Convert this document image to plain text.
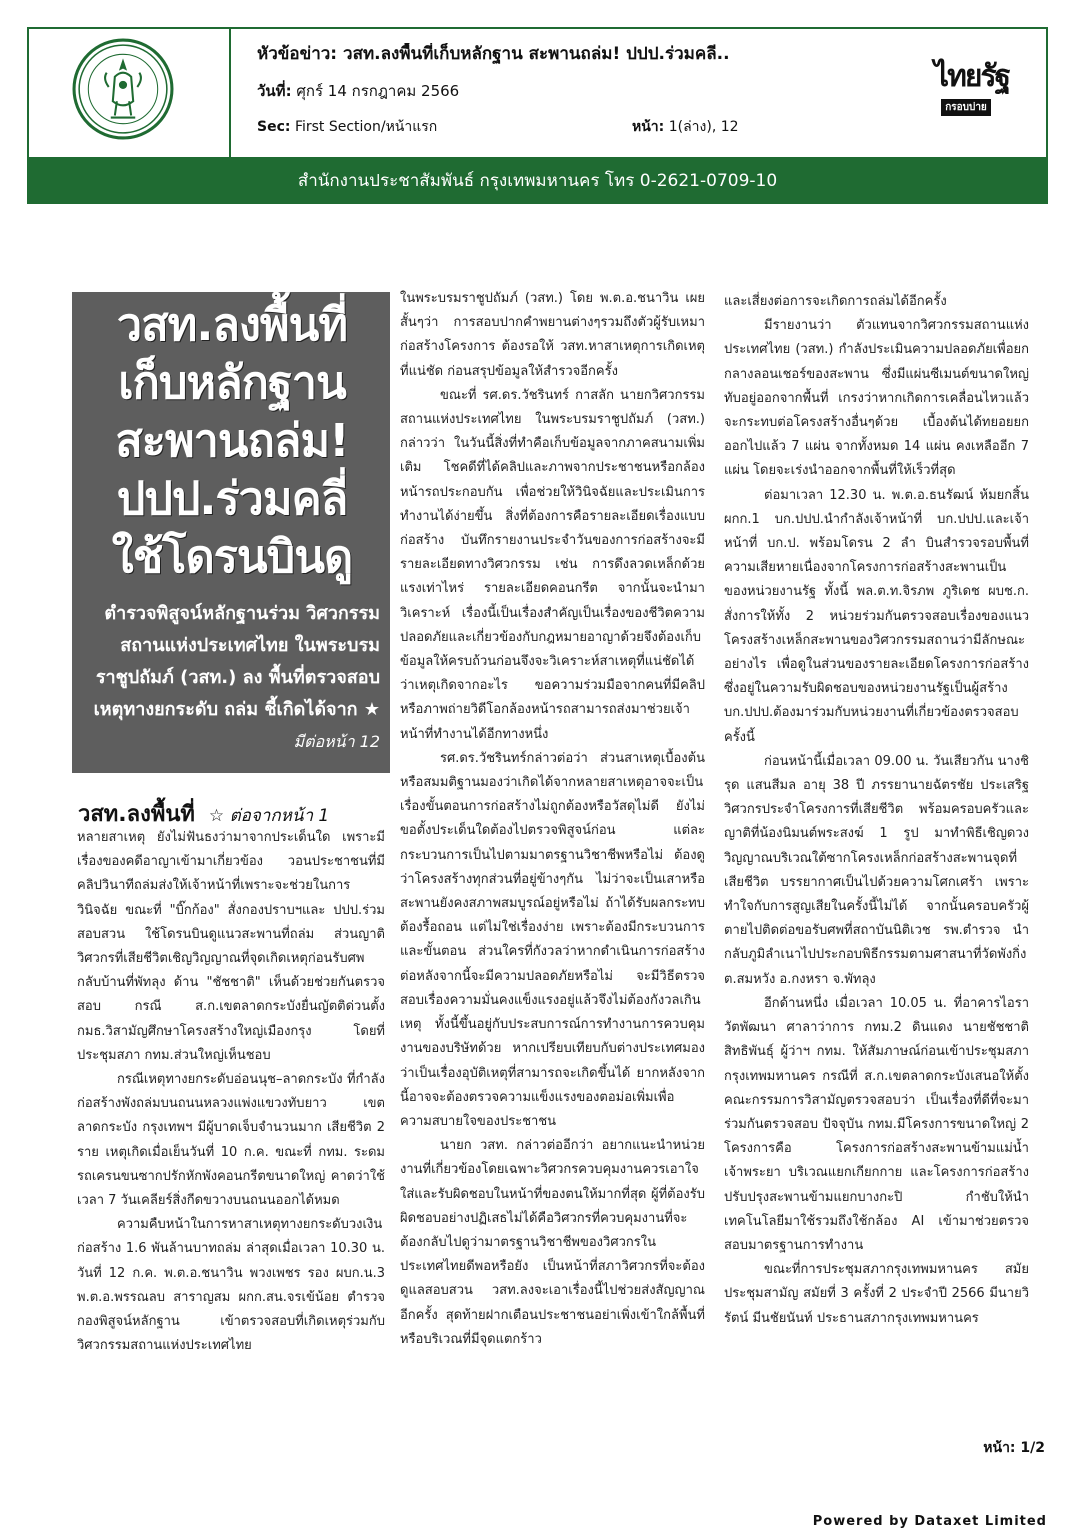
หัวข้อข่าว: วสท.ลงพื้นที่เก็บหลักฐาน สะพานถล่ม! ปปป.ร่วมคลี..
วันที่: ศุกร์ 14 กรกฎาคม 2566
Sec: First Section/หน้าแรก	หน้า: 1(ล่าง), 12
ไทยรัฐ
กรอบบ่าย
สำนักงานประชาสัมพันธ์ กรุงเทพมหานคร โทร 0-2621-0709-10
วสท.ลงพื้นที่
เก็บหลักฐาน
สะพานถล่ม!
ปปป.ร่วมคลี่
ใช้โดรนบินดู
ตำรวจพิสูจน์หลักฐานร่วม วิศวกรรมสถานแห่งประเทศไทย ในพระบรมราชูปถัมภ์ (วสท.) ลง พื้นที่ตรวจสอบเหตุทางยกระดับ ถล่ม ชี้เกิดได้จาก ★ มีต่อหน้า 12
วสท.ลงพื้นที่ ☆ ต่อจากหน้า 1

หลายสาเหตุ ยังไม่ฟันธงว่ามาจากประเด็นใด เพราะมีเรื่องของคดีอาญาเข้ามาเกี่ยวข้อง วอนประชาชนที่มีคลิปวินาทีถล่มส่งให้เจ้าหน้าที่เพราะจะช่วยในการวินิจฉัย ขณะที่ "บิ๊กก้อง" สั่งกองปราบฯและ ปปป.ร่วมสอบสวน ใช้โดรนบินดูแนวสะพานที่ถล่ม ส่วนญาติวิศวกรที่เสียชีวิตเชิญวิญญาณที่จุดเกิดเหตุก่อนรับศพกลับบ้านที่พัทลุง ด้าน "ชัชชาติ" เห็นด้วยช่วยกันตรวจสอบ กรณี ส.ก.เขตลาดกระบังยื่นญัตติด่วนตั้งกมธ.วิสามัญศึกษาโครงสร้างใหญ่เมืองกรุง โดยที่ประชุมสภา กทม.ส่วนใหญ่เห็นชอบ

กรณีเหตุทางยกระดับอ่อนนุช–ลาดกระบัง ที่กำลังก่อสร้างพังถล่มบนถนนหลวงแพ่งแขวงทับยาว เขตลาดกระบัง กรุงเทพฯ มีผู้บาดเจ็บจำนวนมาก เสียชีวิต 2 ราย เหตุเกิดเมื่อเย็นวันที่ 10 ก.ค. ขณะที่ กทม. ระดมรถเครนขนซากปรักหักพังคอนกรีตขนาดใหญ่ คาดว่าใช้เวลา 7 วันเคลียร์สิ่งกีดขวางบนถนนออกได้หมด

ความคืบหน้าในการหาสาเหตุทางยกระดับวงเงินก่อสร้าง 1.6 พันล้านบาทถล่ม ล่าสุดเมื่อเวลา 10.30 น. วันที่ 12 ก.ค. พ.ต.อ.ชนาวิน พวงเพชร รอง ผบก.น.3 พ.ต.อ.พรรณลบ สาราญสม ผกก.สน.จรเข้น้อย ตำรวจกองพิสูจน์หลักฐาน เข้าตรวจสอบที่เกิดเหตุร่วมกับวิศวกรรมสถานแห่งประเทศไทย

ในพระบรมราชูปถัมภ์ (วสท.) โดย พ.ต.อ.ชนาวิน เผยสั้นๆว่า การสอบปากคำพยานต่างๆรวมถึงตัวผู้รับเหมาก่อสร้างโครงการ ต้องรอให้ วสท.หาสาเหตุการเกิดเหตุที่แน่ชัด ก่อนสรุปข้อมูลให้สำรวจอีกครั้ง

ขณะที่ รศ.ดร.วัชรินทร์ กาสลัก นายกวิศวกรรมสถานแห่งประเทศไทย ในพระบรมราชูปถัมภ์ (วสท.) กล่าวว่า ในวันนี้สิ่งที่ทำคือเก็บข้อมูลจากภาคสนามเพิ่มเติม โชคดีที่ได้คลิปและภาพจากประชาชนหรือกล้องหน้ารถประกอบกัน เพื่อช่วยให้วินิจฉัยและประเมินการทำงานได้ง่ายขึ้น สิ่งที่ต้องการคือรายละเอียดเรื่องแบบก่อสร้าง บันทึกรายงานประจำวันของการก่อสร้างจะมีรายละเอียดทางวิศวกรรม เช่น การดึงลวดเหล็กด้วยแรงเท่าไหร่ รายละเอียดคอนกรีต จากนั้นจะนำมาวิเคราะห์ เรื่องนี้เป็นเรื่องสำคัญเป็นเรื่องของชีวิตความปลอดภัยและเกี่ยวข้องกับกฎหมายอาญาด้วยจึงต้องเก็บข้อมูลให้ครบถ้วนก่อนจึงจะวิเคราะห์สาเหตุที่แน่ชัดได้ว่าเหตุเกิดจากอะไร ขอความร่วมมือจากคนที่มีคลิปหรือภาพถ่ายวิดีโอกล้องหน้ารถสามารถส่งมาช่วยเจ้าหน้าที่ทำงานได้อีกทางหนึ่ง

รศ.ดร.วัชรินทร์กล่าวต่อว่า ส่วนสาเหตุเบื้องต้นหรือสมมติฐานมองว่าเกิดได้จากหลายสาเหตุอาจจะเป็นเรื่องขั้นตอนการก่อสร้างไม่ถูกต้องหรือวัสดุไม่ดี ยังไม่ขอตั้งประเด็นใดต้องไปตรวจพิสูจน์ก่อน แต่ละกระบวนการเป็นไปตามมาตรฐานวิชาชีพหรือไม่ ต้องดูว่าโครงสร้างทุกส่วนที่อยู่ข้างๆกัน ไม่ว่าจะเป็นเสาหรือสะพานยังคงสภาพสมบูรณ์อยู่หรือไม่ ถ้าได้รับผลกระทบต้องรื้อถอน แต่ไม่ใช่เรื่องง่าย เพราะต้องมีกระบวนการและขั้นตอน ส่วนใครที่กังวลว่าหากดำเนินการก่อสร้างต่อหลังจากนี้จะมีความปลอดภัยหรือไม่ จะมีวิธีตรวจสอบเรื่องความมั่นคงแข็งแรงอยู่แล้วจึงไม่ต้องกังวลเกินเหตุ ทั้งนี้ขึ้นอยู่กับประสบการณ์การทำงานการควบคุมงานของบริษัทด้วย หากเปรียบเทียบกับต่างประเทศมองว่าเป็นเรื่องอุบัติเหตุที่สามารถจะเกิดขึ้นได้ ยากหลังจากนี้อาจจะต้องตรวจความแข็งแรงของตอม่อเพิ่มเพื่อความสบายใจของประชาชน

นายก วสท. กล่าวต่ออีกว่า อยากแนะนำหน่วยงานที่เกี่ยวข้องโดยเฉพาะวิศวกรควบคุมงานควรเอาใจใส่และรับผิดชอบในหน้าที่ของตนให้มากที่สุด ผู้ที่ต้องรับผิดชอบอย่างปฏิเสธไม่ได้คือวิศวกรที่ควบคุมงานที่จะต้องกลับไปดูว่ามาตรฐานวิชาชีพของวิศวกรในประเทศไทยดีพอหรือยัง เป็นหน้าที่สภาวิศวกรที่จะต้องดูแลสอบสวน วสท.ลงจะเอาเรื่องนี้ไปช่วยส่งสัญญาณอีกครั้ง สุดท้ายฝากเตือนประชาชนอย่าเพิ่งเข้าใกล้พื้นที่หรือบริเวณที่มีจุดแตกร้าว

และเสี่ยงต่อการจะเกิดการถล่มได้อีกครั้ง

มีรายงานว่า ตัวแทนจากวิศวกรรมสถานแห่งประเทศไทย (วสท.) กำลังประเมินความปลอดภัยเพื่อยกกลางลอนเชอร์ของสะพาน ซึ่งมีแผ่นซีเมนต์ขนาดใหญ่ทับอยู่ออกจากพื้นที่ เกรงว่าหากเกิดการเคลื่อนไหวแล้วจะกระทบต่อโครงสร้างอื่นๆด้วย เบื้องต้นได้ทยอยยกออกไปแล้ว 7 แผ่น จากทั้งหมด 14 แผ่น คงเหลืออีก 7 แผ่น โดยจะเร่งนำออกจากพื้นที่ให้เร็วที่สุด

ต่อมาเวลา 12.30 น. พ.ต.อ.ธนรัฒน์ ห้มยกสิ้น ผกก.1 บก.ปปป.นำกำลังเจ้าหน้าที่ บก.ปปป.และเจ้าหน้าที่ บก.ป. พร้อมโดรน 2 ลำ บินสำรวจรอบพื้นที่ความเสียหายเนื่องจากโครงการก่อสร้างสะพานเป็นของหน่วยงานรัฐ ทั้งนี้ พล.ต.ท.จิรภพ ภูริเดช ผบช.ก. สั่งการให้ทั้ง 2 หน่วยร่วมกันตรวจสอบเรื่องของแนวโครงสร้างเหล็กสะพานของวิศวกรรมสถานว่ามีลักษณะอย่างไร เพื่อดูในส่วนของรายละเอียดโครงการก่อสร้างซึ่งอยู่ในความรับผิดชอบของหน่วยงานรัฐเป็นผู้สร้าง บก.ปปป.ต้องมาร่วมกับหน่วยงานที่เกี่ยวข้องตรวจสอบครั้งนี้

ก่อนหน้านี้เมื่อเวลา 09.00 น. วันเสียวกัน นางชิรุด แสนสีมล อายุ 38 ปี ภรรยานายฉัตรชัย ประเสริฐ วิศวกรประจำโครงการที่เสียชีวิต พร้อมครอบครัวและญาติที่น้องนิมนต์พระสงฆ์ 1 รูป มาทำพิธีเชิญดวงวิญญาณบริเวณใต้ซากโครงเหล็กก่อสร้างสะพานจุดที่เสียชีวิต บรรยากาศเป็นไปด้วยความโศกเศร้า เพราะทำใจกับการสูญเสียในครั้งนี้ไม่ได้ จากนั้นครอบครัวผู้ตายไปติดต่อขอรับศพที่สถาบันนิติเวช รพ.ตำรวจ นำกลับภูมิลำเนาไปประกอบพิธีกรรมตามศาสนาที่วัดพังกิ่ง ต.สมหวัง อ.กงหรา จ.พัทลุง

อีกด้านหนึ่ง เมื่อเวลา 10.05 น. ที่อาคารไอราวัตพัฒนา ศาลาว่าการ กทม.2 ดินแดง นายชัชชาติ สิทธิพันธุ์ ผู้ว่าฯ กทม. ให้สัมภาษณ์ก่อนเข้าประชุมสภากรุงเทพมหานคร กรณีที่ ส.ก.เขตลาดกระบังเสนอให้ตั้งคณะกรรมการวิสามัญตรวจสอบว่า เป็นเรื่องที่ดีที่จะมาร่วมกันตรวจสอบ ปัจจุบัน กทม.มีโครงการขนาดใหญ่ 2 โครงการคือ โครงการก่อสร้างสะพานข้ามแม่น้ำเจ้าพระยา บริเวณแยกเกียกกาย และโครงการก่อสร้างปรับปรุงสะพานข้ามแยกบางกะปิ กำชับให้นำเทคโนโลยีมาใช้รวมถึงใช้กล้อง AI เข้ามาช่วยตรวจสอบมาตรฐานการทำงาน

ขณะที่การประชุมสภากรุงเทพมหานคร สมัยประชุมสามัญ สมัยที่ 3 ครั้งที่ 2 ประจำปี 2566 มีนายวิรัตน์ มีนชัยนันท์ ประธานสภากรุงเทพมหานคร

หน้า: 1/2
Powered by Dataxet Limited
